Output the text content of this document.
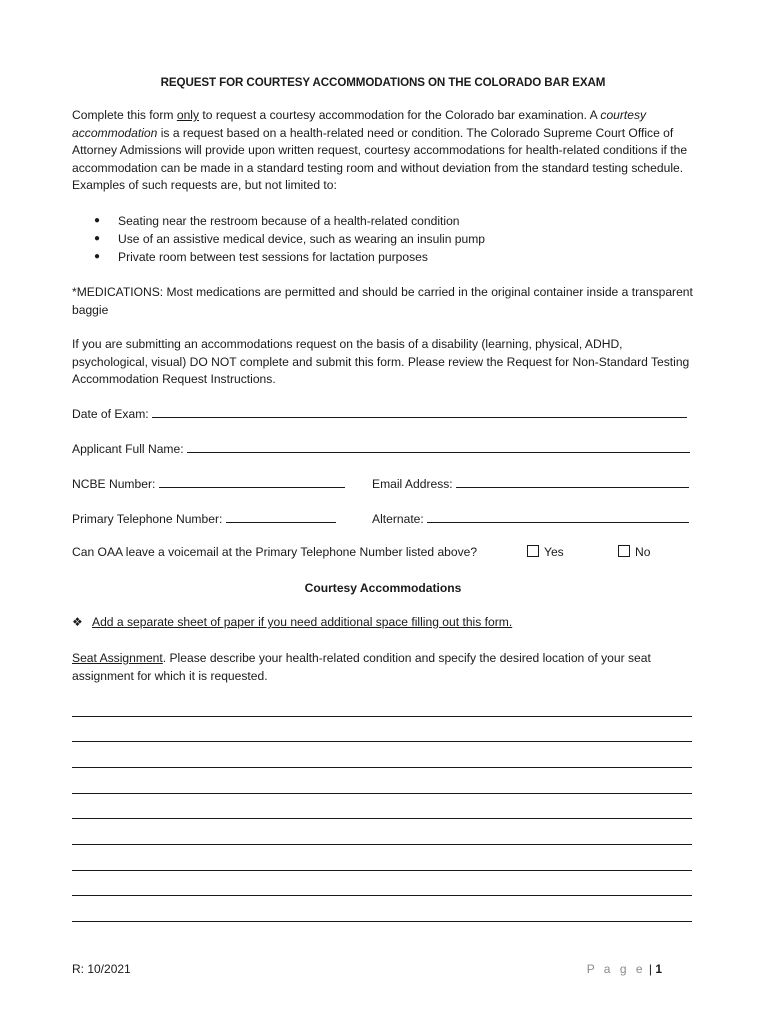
REQUEST FOR COURTESY ACCOMMODATIONS ON THE COLORADO BAR EXAM
Complete this form only to request a courtesy accommodation for the Colorado bar examination. A courtesy accommodation is a request based on a health-related need or condition. The Colorado Supreme Court Office of Attorney Admissions will provide upon written request, courtesy accommodations for health-related conditions if the accommodation can be made in a standard testing room and without deviation from the standard testing schedule. Examples of such requests are, but not limited to:
●	Seating near the restroom because of a health-related condition
●	Use of an assistive medical device, such as wearing an insulin pump
●	Private room between test sessions for lactation purposes
*MEDICATIONS: Most medications are permitted and should be carried in the original container inside a transparent baggie
If you are submitting an accommodations request on the basis of a disability (learning, physical, ADHD, psychological, visual) DO NOT complete and submit this form. Please review the Request for Non-Standard Testing Accommodation Request Instructions.
Date of Exam:
Applicant Full Name:
NCBE Number:	Email Address:
Primary Telephone Number:	Alternate:
Can OAA leave a voicemail at the Primary Telephone Number listed above?	Yes	No
Courtesy Accommodations
❖ Add a separate sheet of paper if you need additional space filling out this form.
Seat Assignment. Please describe your health-related condition and specify the desired location of your seat assignment for which it is requested.
R: 10/2021	P a g e | 1
